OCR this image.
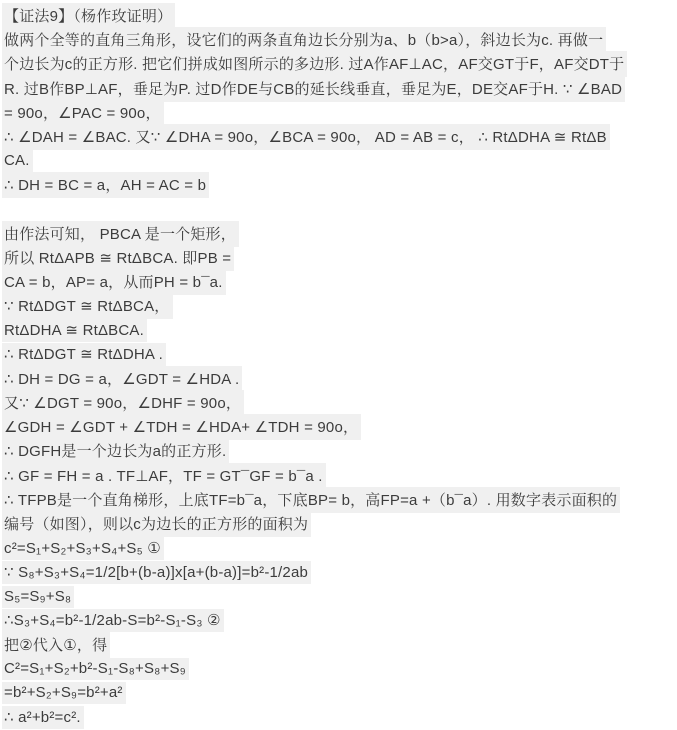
【证法9】（杨作玫证明）
做两个全等的直角三角形，设它们的两条直角边长分别为a、b（b>a），斜边长为c. 再做一
个边长为c的正方形. 把它们拼成如图所示的多边形. 过A作AF⊥AC，AF交GT于F，AF交DT于
R. 过B作BP⊥AF，垂足为P. 过D作DE与CB的延长线垂直，垂足为E，DE交AF于H. ∵ ∠BAD
= 90o，∠PAC = 90o，
∴ ∠DAH = ∠BAC. 又∵ ∠DHA = 90o，∠BCA = 90o， AD = AB = c， ∴ RtΔDHA ≅ RtΔB
CA.
∴ DH = BC = a，AH = AC = b
由作法可知， PBCA 是一个矩形，
所以 RtΔAPB ≅ RtΔBCA. 即PB =
CA = b，AP= a，从而PH = b¯a.
∵ RtΔDGT ≅ RtΔBCA，
RtΔDHA ≅ RtΔBCA.
∴ RtΔDGT ≅ RtΔDHA .
∴ DH = DG = a，∠GDT = ∠HDA .
又∵ ∠DGT = 90o，∠DHF = 90o，
∠GDH = ∠GDT + ∠TDH = ∠HDA+ ∠TDH = 90o，
∴ DGFH是一个边长为a的正方形.
∴ GF = FH = a . TF⊥AF，TF = GT¯GF = b¯a .
∴ TFPB是一个直角梯形，上底TF=b¯a，下底BP= b，高FP=a +（b¯a）. 用数字表示面积的
编号（如图），则以c为边长的正方形的面积为
c²=S₁+S₂+S₃+S₄+S₅ ①
∵ S₈+S₃+S₄=1/2[b+(b-a)]x[a+(b-a)]=b²-1/2ab
S₅=S₉+S₈
∴S₃+S₄=b²-1/2ab-S=b²-S₁-S₃ ②
把②代入①，得
C²=S₁+S₂+b²-S₁-S₈+S₈+S₉
=b²+S₂+S₉=b²+a²
∴ a²+b²=c².
